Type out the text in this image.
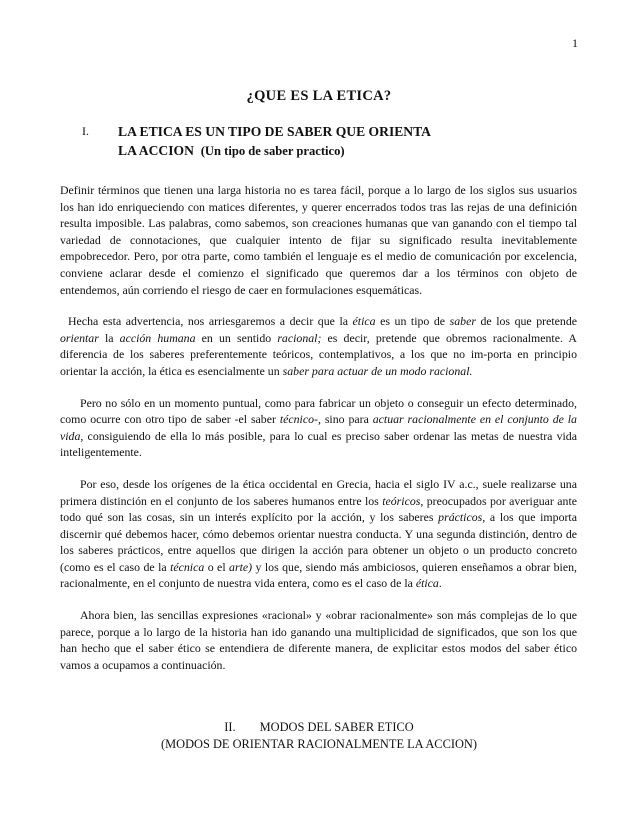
1
¿QUE ES LA ETICA?
I. LA ETICA ES UN TIPO DE SABER QUE ORIENTA
LA ACCION (Un tipo de saber practico)

Definir términos que tienen una larga historia no es tarea fácil, porque a lo largo de los siglos sus usuarios los han ido enriqueciendo con matices diferentes, y querer encerrados todos tras las rejas de una definición resulta imposible. Las palabras, como sabemos, son creaciones humanas que van ganando con el tiempo tal variedad de connotaciones, que cualquier intento de fijar su significado resulta inevitablemente empobrecedor. Pero, por otra parte, como también el lenguaje es el medio de comunicación por excelencia, conviene aclarar desde el comienzo el significado que queremos dar a los términos con objeto de entendemos, aún corriendo el riesgo de caer en formulaciones esquemáticas.

Hecha esta advertencia, nos arriesgaremos a decir que la ética es un tipo de saber de los que pretende orientar la acción humana en un sentido racional; es decir, pretende que obremos racionalmente. A diferencia de los saberes preferentemente teóricos, contemplativos, a los que no im-porta en principio orientar la acción, la ética es esencialmente un saber para actuar de un modo racional.

Pero no sólo en un momento puntual, como para fabricar un objeto o conseguir un efecto determinado, como ocurre con otro tipo de saber -el saber técnico-, sino para actuar racionalmente en el conjunto de la vida, consiguiendo de ella lo más posible, para lo cual es preciso saber ordenar las metas de nuestra vida inteligentemente.

Por eso, desde los orígenes de la ética occidental en Grecia, hacia el siglo IV a.c., suele realizarse una primera distinción en el conjunto de los saberes humanos entre los teóricos, preocupados por averiguar ante todo qué son las cosas, sin un interés explícito por la acción, y los saberes prácticos, a los que importa discernir qué debemos hacer, cómo debemos orientar nuestra conducta. Y una segunda distinción, dentro de los saberes prácticos, entre aquellos que dirigen la acción para obtener un objeto o un producto concreto (como es el caso de la técnica o el arte) y los que, siendo más ambiciosos, quieren enseñamos a obrar bien, racionalmente, en el conjunto de nuestra vida entera, como es el caso de la ética.

Ahora bien, las sencillas expresiones «racional» y «obrar racionalmente» son más complejas de lo que parece, porque a lo largo de la historia han ido ganando una multiplicidad de significados, que son los que han hecho que el saber ético se entendiera de diferente manera, de explicitar estos modos del saber ético vamos a ocupamos a continuación.

II. MODOS DEL SABER ETICO
(MODOS DE ORIENTAR RACIONALMENTE LA ACCION)
